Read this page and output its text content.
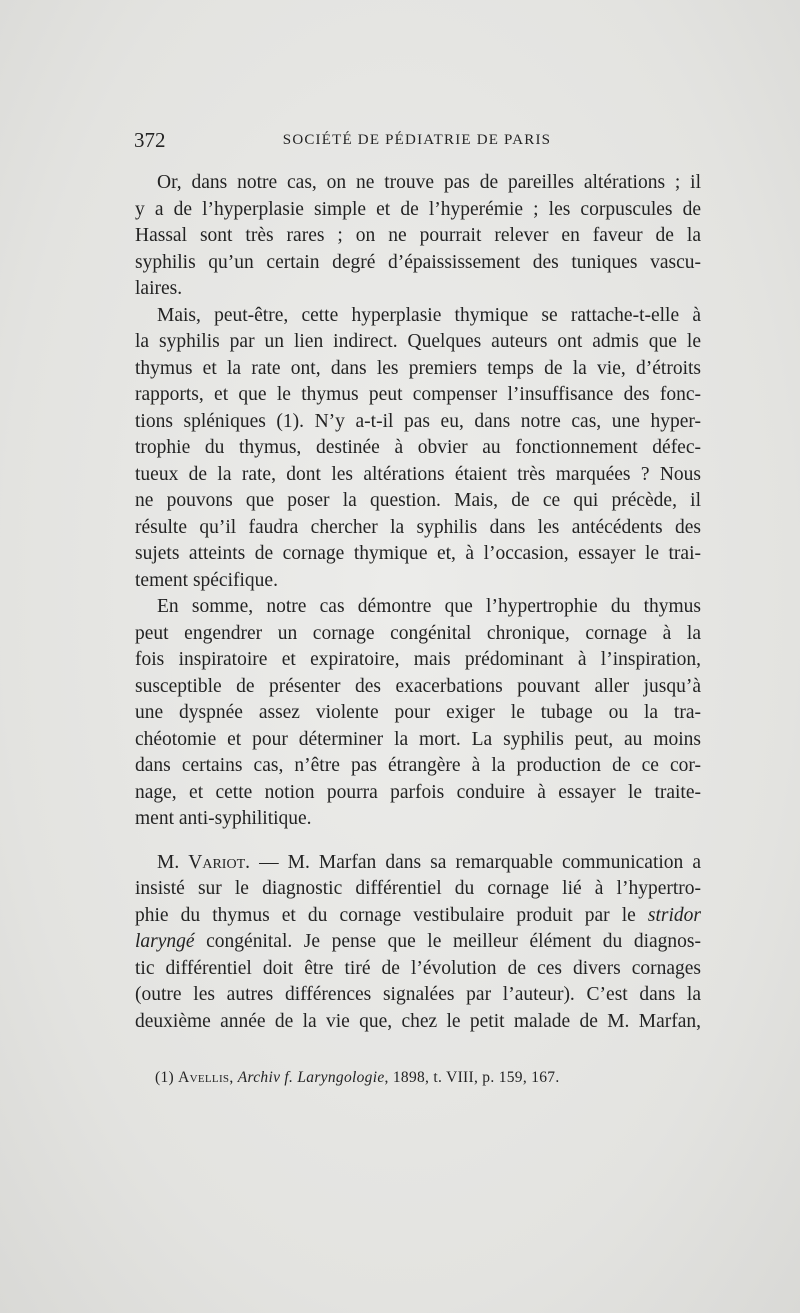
372	SOCIÉTÉ DE PÉDIATRIE DE PARIS
Or, dans notre cas, on ne trouve pas de pareilles altérations ; il
y a de l’hyperplasie simple et de l’hyperémie ; les corpuscules de
Hassal sont très rares ; on ne pourrait relever en faveur de la
syphilis qu’un certain degré d’épaississement des tuniques vascu-
laires.
Mais, peut-être, cette hyperplasie thymique se rattache-t-elle à
la syphilis par un lien indirect. Quelques auteurs ont admis que le
thymus et la rate ont, dans les premiers temps de la vie, d’étroits
rapports, et que le thymus peut compenser l’insuffisance des fonc-
tions spléniques (1). N’y a-t-il pas eu, dans notre cas, une hyper-
trophie du thymus, destinée à obvier au fonctionnement défec-
tueux de la rate, dont les altérations étaient très marquées ? Nous
ne pouvons que poser la question. Mais, de ce qui précède, il
résulte qu’il faudra chercher la syphilis dans les antécédents des
sujets atteints de cornage thymique et, à l’occasion, essayer le trai-
tement spécifique.
En somme, notre cas démontre que l’hypertrophie du thymus
peut engendrer un cornage congénital chronique, cornage à la
fois inspiratoire et expiratoire, mais prédominant à l’inspiration,
susceptible de présenter des exacerbations pouvant aller jusqu’à
une dyspnée assez violente pour exiger le tubage ou la tra-
chéotomie et pour déterminer la mort. La syphilis peut, au moins
dans certains cas, n’être pas étrangère à la production de ce cor-
nage, et cette notion pourra parfois conduire à essayer le traite-
ment anti-syphilitique.
M. Variot. — M. Marfan dans sa remarquable communication a
insisté sur le diagnostic différentiel du cornage lié à l’hypertro-
phie du thymus et du cornage vestibulaire produit par le stridor
laryngé congénital. Je pense que le meilleur élément du diagnos-
tic différentiel doit être tiré de l’évolution de ces divers cornages
(outre les autres différences signalées par l’auteur). C’est dans la
deuxième année de la vie que, chez le petit malade de M. Marfan,
(1) Avellis, Archiv f. Laryngologie, 1898, t. VIII, p. 159, 167.
